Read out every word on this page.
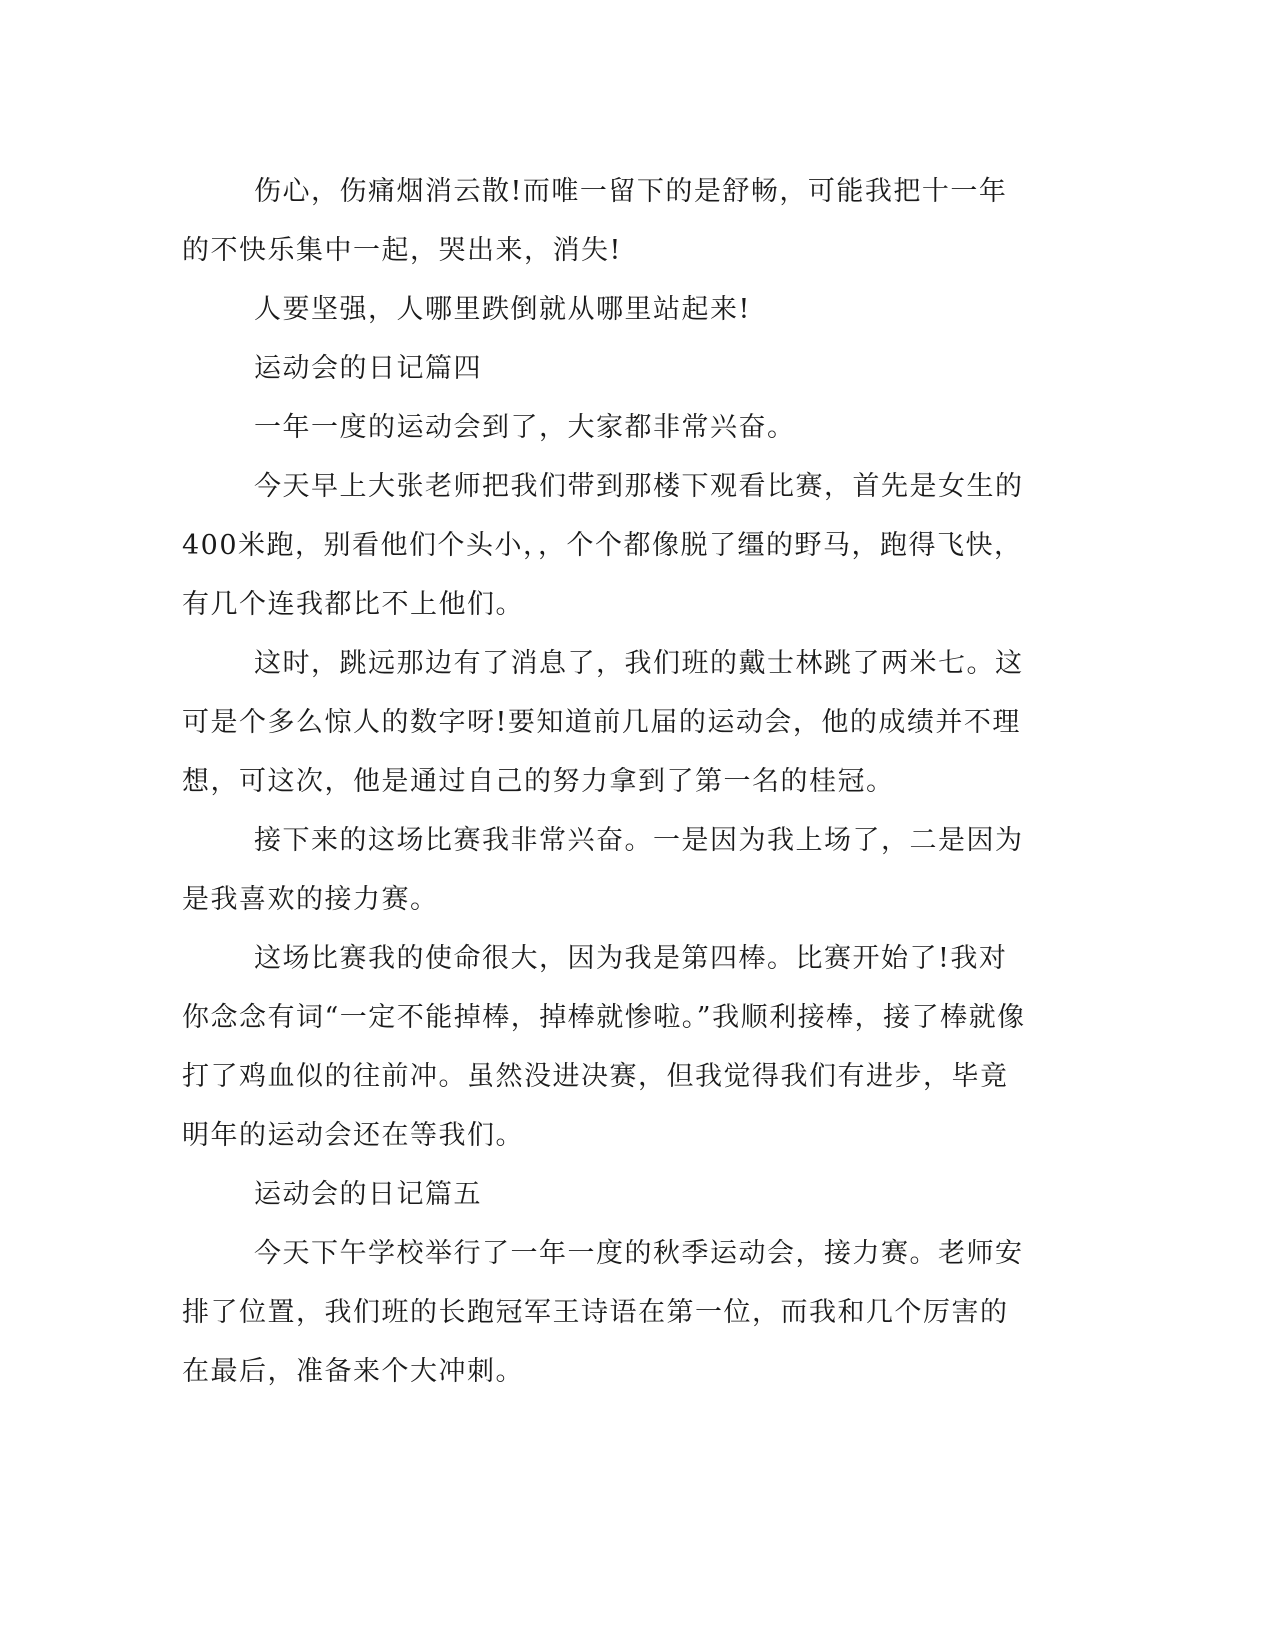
伤心，伤痛烟消云散!而唯一留下的是舒畅，可能我把十一年的不快乐集中一起，哭出来，消失!

人要坚强，人哪里跌倒就从哪里站起来!

运动会的日记篇四

一年一度的运动会到了，大家都非常兴奋。

今天早上大张老师把我们带到那楼下观看比赛，首先是女生的400米跑，别看他们个头小，，个个都像脱了缰的野马，跑得飞快，有几个连我都比不上他们。

这时，跳远那边有了消息了，我们班的戴士林跳了两米七。这可是个多么惊人的数字呀!要知道前几届的运动会，他的成绩并不理想，可这次，他是通过自己的努力拿到了第一名的桂冠。

接下来的这场比赛我非常兴奋。一是因为我上场了，二是因为是我喜欢的接力赛。

这场比赛我的使命很大，因为我是第四棒。比赛开始了!我对你念念有词“一定不能掉棒，掉棒就惨啦。”我顺利接棒，接了棒就像打了鸡血似的往前冲。虽然没进决赛，但我觉得我们有进步，毕竟明年的运动会还在等我们。

运动会的日记篇五

今天下午学校举行了一年一度的秋季运动会，接力赛。老师安排了位置，我们班的长跑冠军王诗语在第一位，而我和几个厉害的在最后，准备来个大冲刺。
